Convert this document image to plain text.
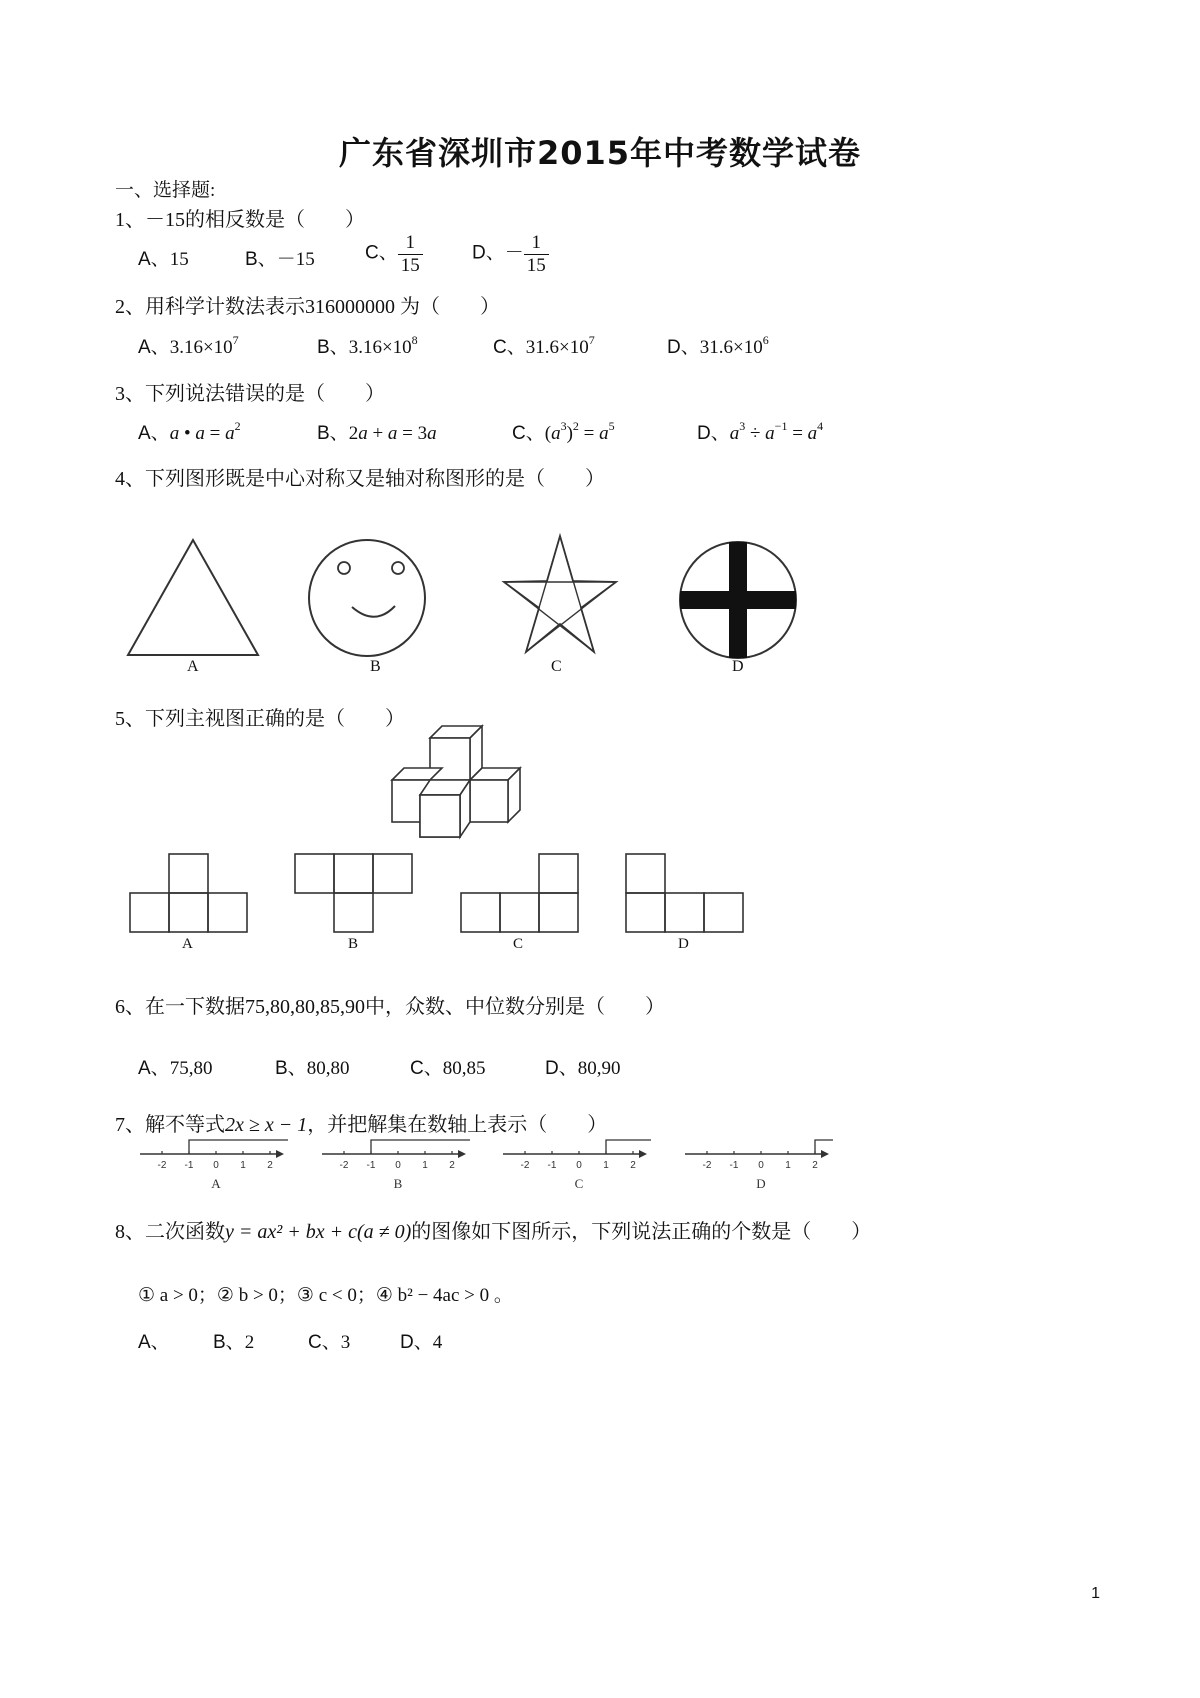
广东省深圳市2015年中考数学试卷
一、选择题:
1、－15的相反数是（　　）
A、15	B、－15	C、 $\frac{1}{15}$	D、－ $\frac{1}{15}$
2、用科学计数法表示316000000 为（　　）
A、$3.16\times 10^7$	B、$3.16\times 10^8$	C、$31.6\times 10^7$	D、$31.6\times 10^6$
3、下列说法错误的是（　　）
A、a • $a = a^2$	B、2a + a = 3a	C、$(a^3)^2 = a^5$	D、$a^3 \div a^{-1} = a^4$
4、下列图形既是中心对称又是轴对称图形的是（　　）
A	B	C	D
5、下列主视图正确的是（　　）
A	B	C	D
6、在一下数据75,80,80,85,90中，众数、中位数分别是（　　）
A、75,80	B、80,80	C、80,85	D、80,90
7、解不等式2x ≥ x − 1，并把解集在数轴上表示（　　）
-2 -1 0 1 2
A
-2 -1 0 1 2
B
-2 -1 0 1 2
C
-2 -1 0 1 2
D
8、二次函数y = ax² + bx + c(a ≠ 0)的图像如下图所示，下列说法正确的个数是（　　）
① a > 0；② b > 0；③ c < 0；④ b² − 4ac > 0 。
A、 B、2	C、3	D、4
1
